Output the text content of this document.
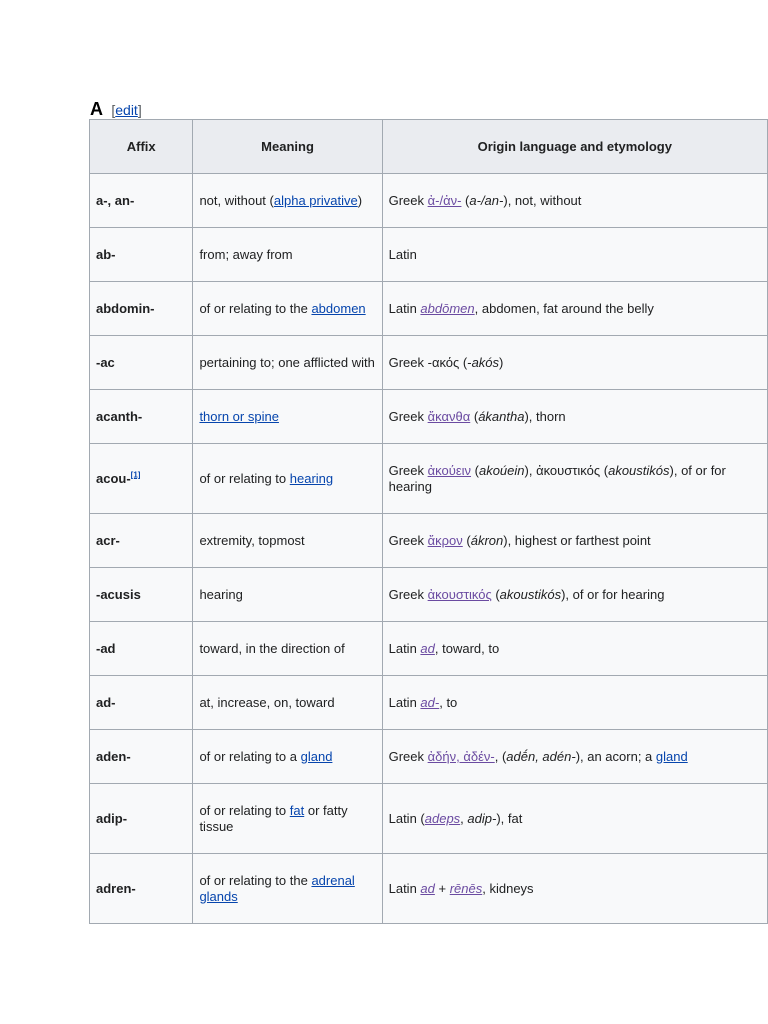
A [edit]
Affix	Meaning	Origin language and etymology
a-, an-	not, without (alpha privative)	Greek ἀ-/ἀν- (a-/an-), not, without
ab-	from; away from	Latin
abdomin-	of or relating to the abdomen	Latin abdōmen, abdomen, fat around the belly
-ac	pertaining to; one afflicted with	Greek -ακός (-akós)
acanth-	thorn or spine	Greek ἄκανθα (ákantha), thorn
acou-[1]	of or relating to hearing	Greek ἀκούειν (akoúein), ἀκουστικός (akoustikós), of or for hearing
acr-	extremity, topmost	Greek ἄκρον (ákron), highest or farthest point
-acusis	hearing	Greek ἀκουστικός (akoustikós), of or for hearing
-ad	toward, in the direction of	Latin ad, toward, to
ad-	at, increase, on, toward	Latin ad-, to
aden-	of or relating to a gland	Greek ἀδήν, ἀδέν-, (adḗn, adén-), an acorn; a gland
adip-	of or relating to fat or fatty tissue	Latin (adeps, adip-), fat
adren-	of or relating to the adrenal glands	Latin ad + rēnēs, kidneys
